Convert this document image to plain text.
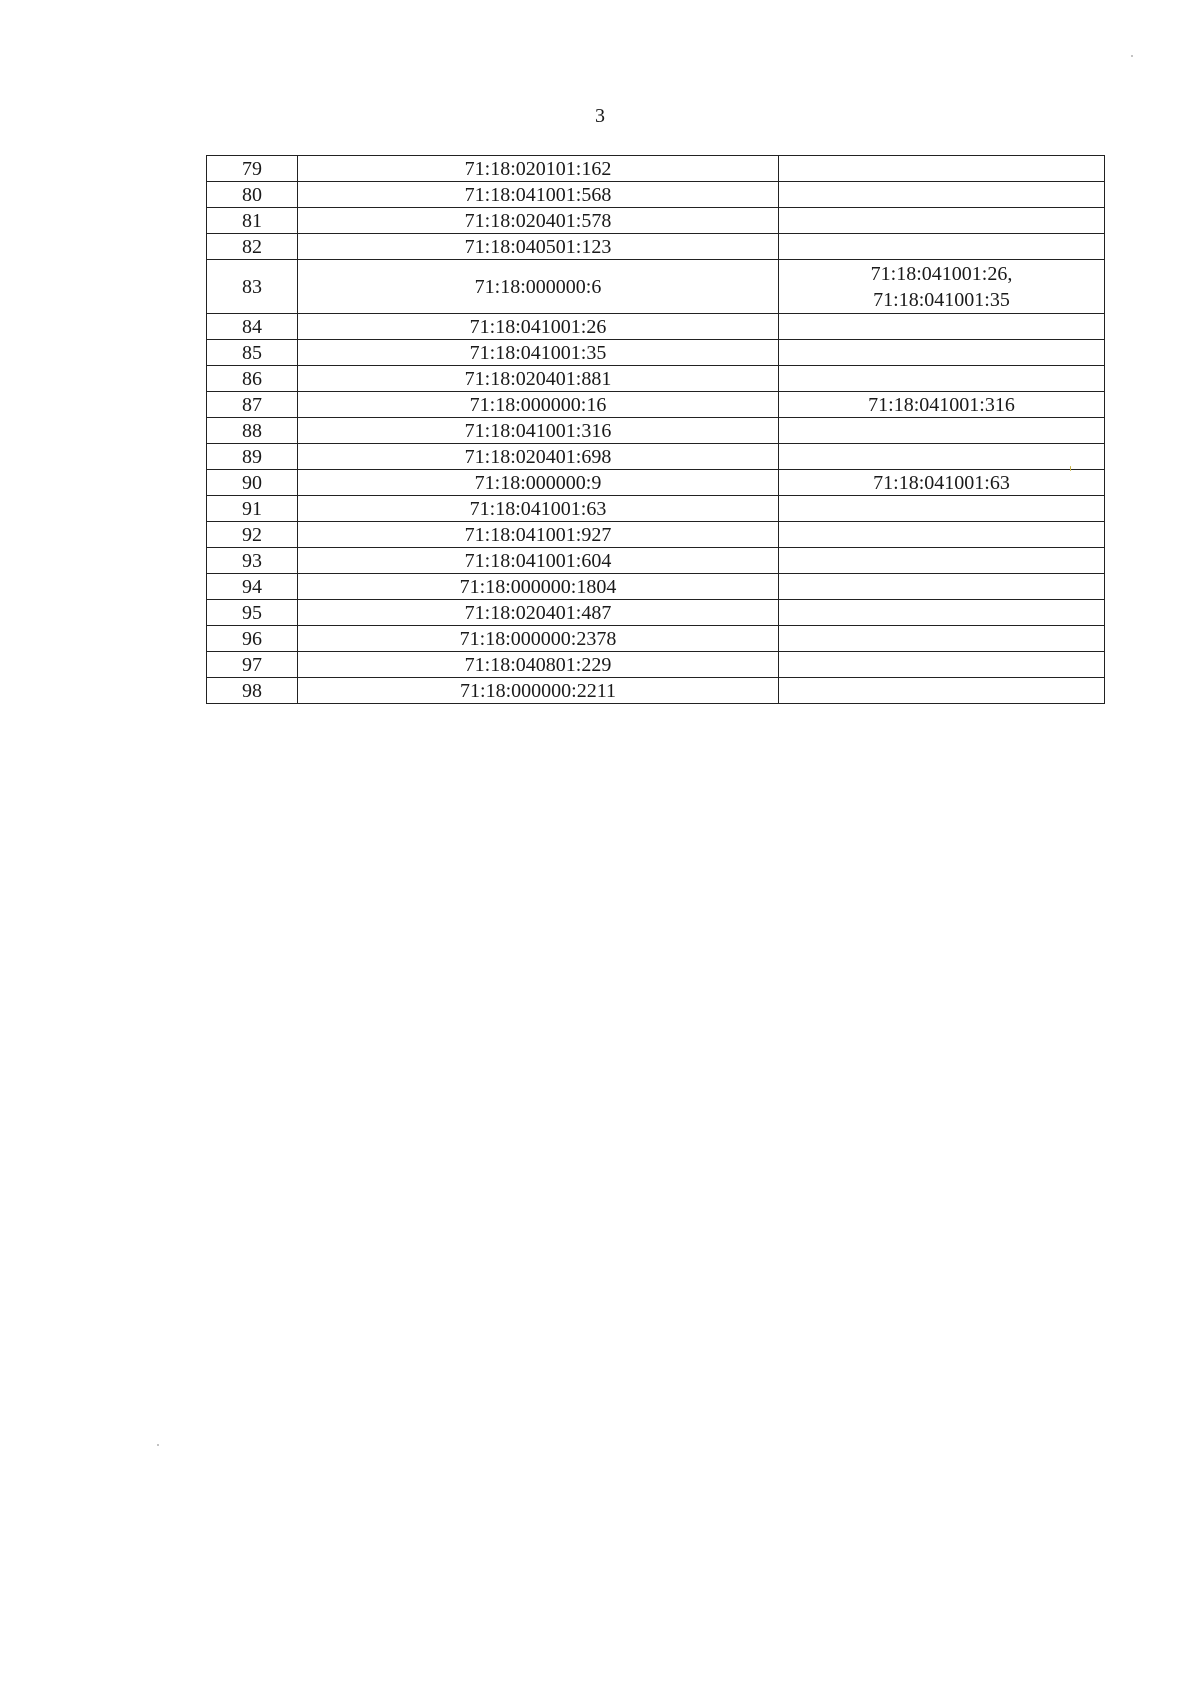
3
79	71:18:020101:162	
80	71:18:041001:568	
81	71:18:020401:578	
82	71:18:040501:123	
83	71:18:000000:6	71:18:041001:26,
71:18:041001:35

84	71:18:041001:26	
85	71:18:041001:35	
86	71:18:020401:881	
87	71:18:000000:16	71:18:041001:316
88	71:18:041001:316	
89	71:18:020401:698	
90	71:18:000000:9	71:18:041001:63
91	71:18:041001:63	
92	71:18:041001:927	
93	71:18:041001:604	
94	71:18:000000:1804	
95	71:18:020401:487	
96	71:18:000000:2378	
97	71:18:040801:229	
98	71:18:000000:2211	
